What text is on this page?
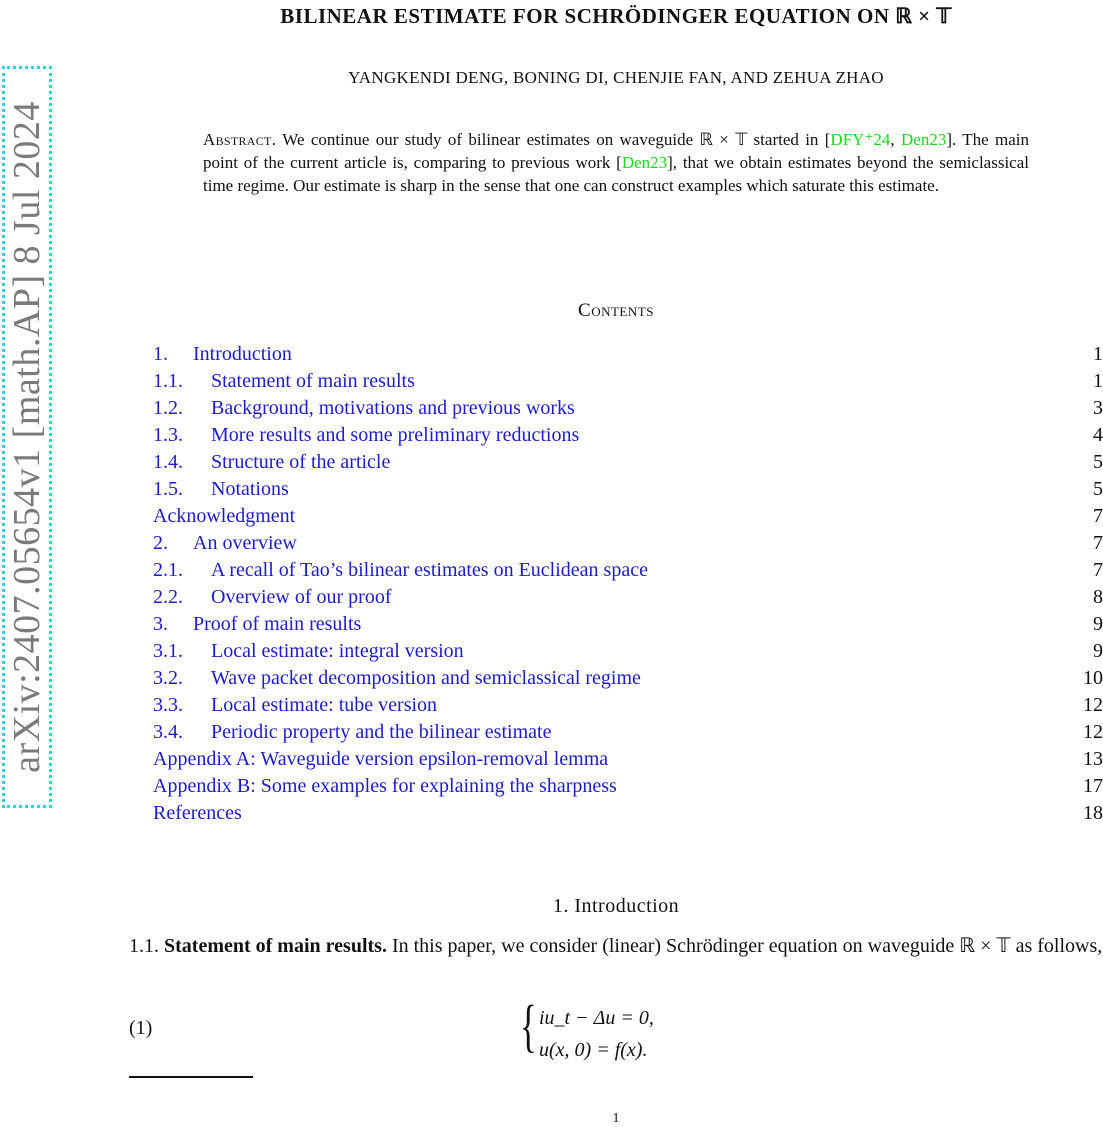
BILINEAR ESTIMATE FOR SCHRÖDINGER EQUATION ON ℝ × 𝕋
YANGKENDI DENG, BONING DI, CHENJIE FAN, AND ZEHUA ZHAO
arXiv:2407.05654v1 [math.AP] 8 Jul 2024	Abstract. We continue our study of bilinear estimates on waveguide ℝ × 𝕋 started in [DFY⁺24, Den23]. The main point of the current article is, comparing to previous work [Den23], that we obtain estimates beyond the semiclassical time regime. Our estimate is sharp in the sense that one can construct examples which saturate this estimate.
Contents
1. Introduction	1
1.1. Statement of main results	1
1.2. Background, motivations and previous works	3
1.3. More results and some preliminary reductions	4
1.4. Structure of the article	5
1.5. Notations	5
Acknowledgment	7
2. An overview	7
2.1. A recall of Tao’s bilinear estimates on Euclidean space	7
2.2. Overview of our proof	8
3. Proof of main results	9
3.1. Local estimate: integral version	9
3.2. Wave packet decomposition and semiclassical regime	10
3.3. Local estimate: tube version	12
3.4. Periodic property and the bilinear estimate	12
Appendix A: Waveguide version epsilon-removal lemma	13
Appendix B: Some examples for explaining the sharpness	17
References	18
1. Introduction
1.1. Statement of main results. In this paper, we consider (linear) Schrödinger equation on waveguide ℝ × 𝕋 as follows,
(1)	{ iu_t − Δu = 0,
u(x, 0) = f(x).
1
